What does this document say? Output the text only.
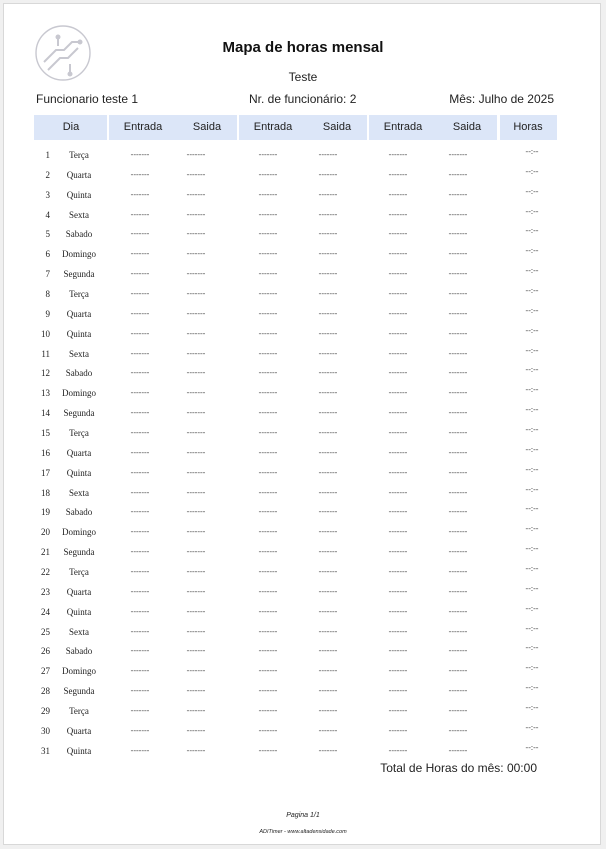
Mapa de horas mensal
Teste
Funcionario teste 1	Nr. de funcionário: 2	Mês: Julho de 2025
Dia	Entrada	Saida	Entrada	Saida	Entrada	Saida	Horas
1	Terça	-------	-------	-------	-------	-------	-------	--:--
2	Quarta	-------	-------	-------	-------	-------	-------	--:--
3	Quinta	-------	-------	-------	-------	-------	-------	--:--
4	Sexta	-------	-------	-------	-------	-------	-------	--:--
5	Sabado	-------	-------	-------	-------	-------	-------	--:--
6	Domingo	-------	-------	-------	-------	-------	-------	--:--
7	Segunda	-------	-------	-------	-------	-------	-------	--:--
8	Terça	-------	-------	-------	-------	-------	-------	--:--
9	Quarta	-------	-------	-------	-------	-------	-------	--:--
10	Quinta	-------	-------	-------	-------	-------	-------	--:--
11	Sexta	-------	-------	-------	-------	-------	-------	--:--
12	Sabado	-------	-------	-------	-------	-------	-------	--:--
13	Domingo	-------	-------	-------	-------	-------	-------	--:--
14	Segunda	-------	-------	-------	-------	-------	-------	--:--
15	Terça	-------	-------	-------	-------	-------	-------	--:--
16	Quarta	-------	-------	-------	-------	-------	-------	--:--
17	Quinta	-------	-------	-------	-------	-------	-------	--:--
18	Sexta	-------	-------	-------	-------	-------	-------	--:--
19	Sabado	-------	-------	-------	-------	-------	-------	--:--
20	Domingo	-------	-------	-------	-------	-------	-------	--:--
21	Segunda	-------	-------	-------	-------	-------	-------	--:--
22	Terça	-------	-------	-------	-------	-------	-------	--:--
23	Quarta	-------	-------	-------	-------	-------	-------	--:--
24	Quinta	-------	-------	-------	-------	-------	-------	--:--
25	Sexta	-------	-------	-------	-------	-------	-------	--:--
26	Sabado	-------	-------	-------	-------	-------	-------	--:--
27	Domingo	-------	-------	-------	-------	-------	-------	--:--
28	Segunda	-------	-------	-------	-------	-------	-------	--:--
29	Terça	-------	-------	-------	-------	-------	-------	--:--
30	Quarta	-------	-------	-------	-------	-------	-------	--:--
31	Quinta	-------	-------	-------	-------	-------	-------	--:--
Total de Horas do mês: 00:00
Pagina 1/1
ADITimer - www.altadensidade.com
